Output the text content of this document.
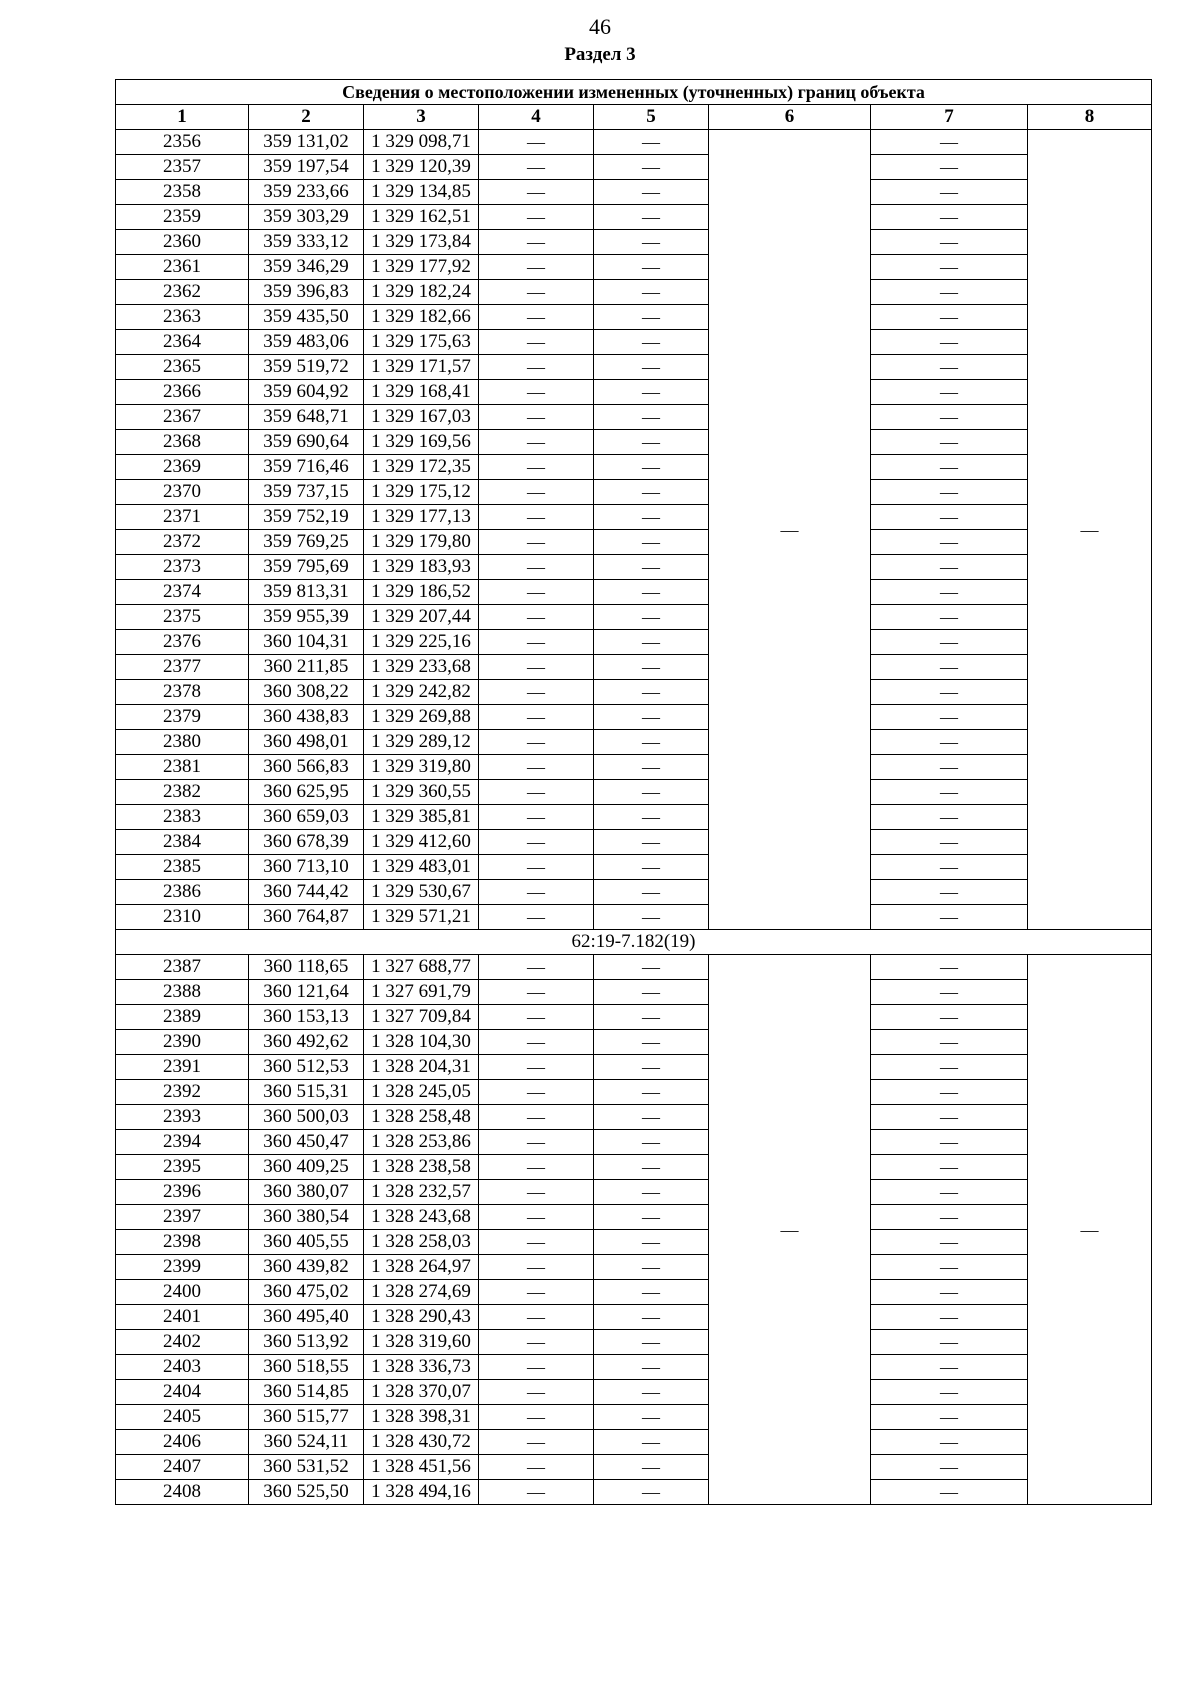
46
Раздел 3
Сведения о местоположении измененных (уточненных) границ объекта							
1	2	3	4	5	6	7	8
2356	359 131,02	1 329 098,71	—	—	—	—	—
2357	359 197,54	1 329 120,39	—	—		—	
2358	359 233,66	1 329 134,85	—	—		—	
2359	359 303,29	1 329 162,51	—	—		—	
2360	359 333,12	1 329 173,84	—	—		—	
2361	359 346,29	1 329 177,92	—	—		—	
2362	359 396,83	1 329 182,24	—	—		—	
2363	359 435,50	1 329 182,66	—	—		—	
2364	359 483,06	1 329 175,63	—	—		—	
2365	359 519,72	1 329 171,57	—	—		—	
2366	359 604,92	1 329 168,41	—	—		—	
2367	359 648,71	1 329 167,03	—	—		—	
2368	359 690,64	1 329 169,56	—	—		—	
2369	359 716,46	1 329 172,35	—	—		—	
2370	359 737,15	1 329 175,12	—	—		—	
2371	359 752,19	1 329 177,13	—	—		—	
2372	359 769,25	1 329 179,80	—	—		—	
2373	359 795,69	1 329 183,93	—	—		—	
2374	359 813,31	1 329 186,52	—	—		—	
2375	359 955,39	1 329 207,44	—	—		—	
2376	360 104,31	1 329 225,16	—	—		—	
2377	360 211,85	1 329 233,68	—	—		—	
2378	360 308,22	1 329 242,82	—	—		—	
2379	360 438,83	1 329 269,88	—	—		—	
2380	360 498,01	1 329 289,12	—	—		—	
2381	360 566,83	1 329 319,80	—	—		—	
2382	360 625,95	1 329 360,55	—	—		—	
2383	360 659,03	1 329 385,81	—	—		—	
2384	360 678,39	1 329 412,60	—	—		—	
2385	360 713,10	1 329 483,01	—	—		—	
2386	360 744,42	1 329 530,67	—	—		—	
2310	360 764,87	1 329 571,21	—	—		—	
62:19-7.182(19)							
2387	360 118,65	1 327 688,77	—	—	—	—	—
2388	360 121,64	1 327 691,79	—	—		—	
2389	360 153,13	1 327 709,84	—	—		—	
2390	360 492,62	1 328 104,30	—	—		—	
2391	360 512,53	1 328 204,31	—	—		—	
2392	360 515,31	1 328 245,05	—	—		—	
2393	360 500,03	1 328 258,48	—	—		—	
2394	360 450,47	1 328 253,86	—	—		—	
2395	360 409,25	1 328 238,58	—	—		—	
2396	360 380,07	1 328 232,57	—	—		—	
2397	360 380,54	1 328 243,68	—	—		—	
2398	360 405,55	1 328 258,03	—	—		—	
2399	360 439,82	1 328 264,97	—	—		—	
2400	360 475,02	1 328 274,69	—	—		—	
2401	360 495,40	1 328 290,43	—	—		—	
2402	360 513,92	1 328 319,60	—	—		—	
2403	360 518,55	1 328 336,73	—	—		—	
2404	360 514,85	1 328 370,07	—	—		—	
2405	360 515,77	1 328 398,31	—	—		—	
2406	360 524,11	1 328 430,72	—	—		—	
2407	360 531,52	1 328 451,56	—	—		—	
2408	360 525,50	1 328 494,16	—	—		—	
